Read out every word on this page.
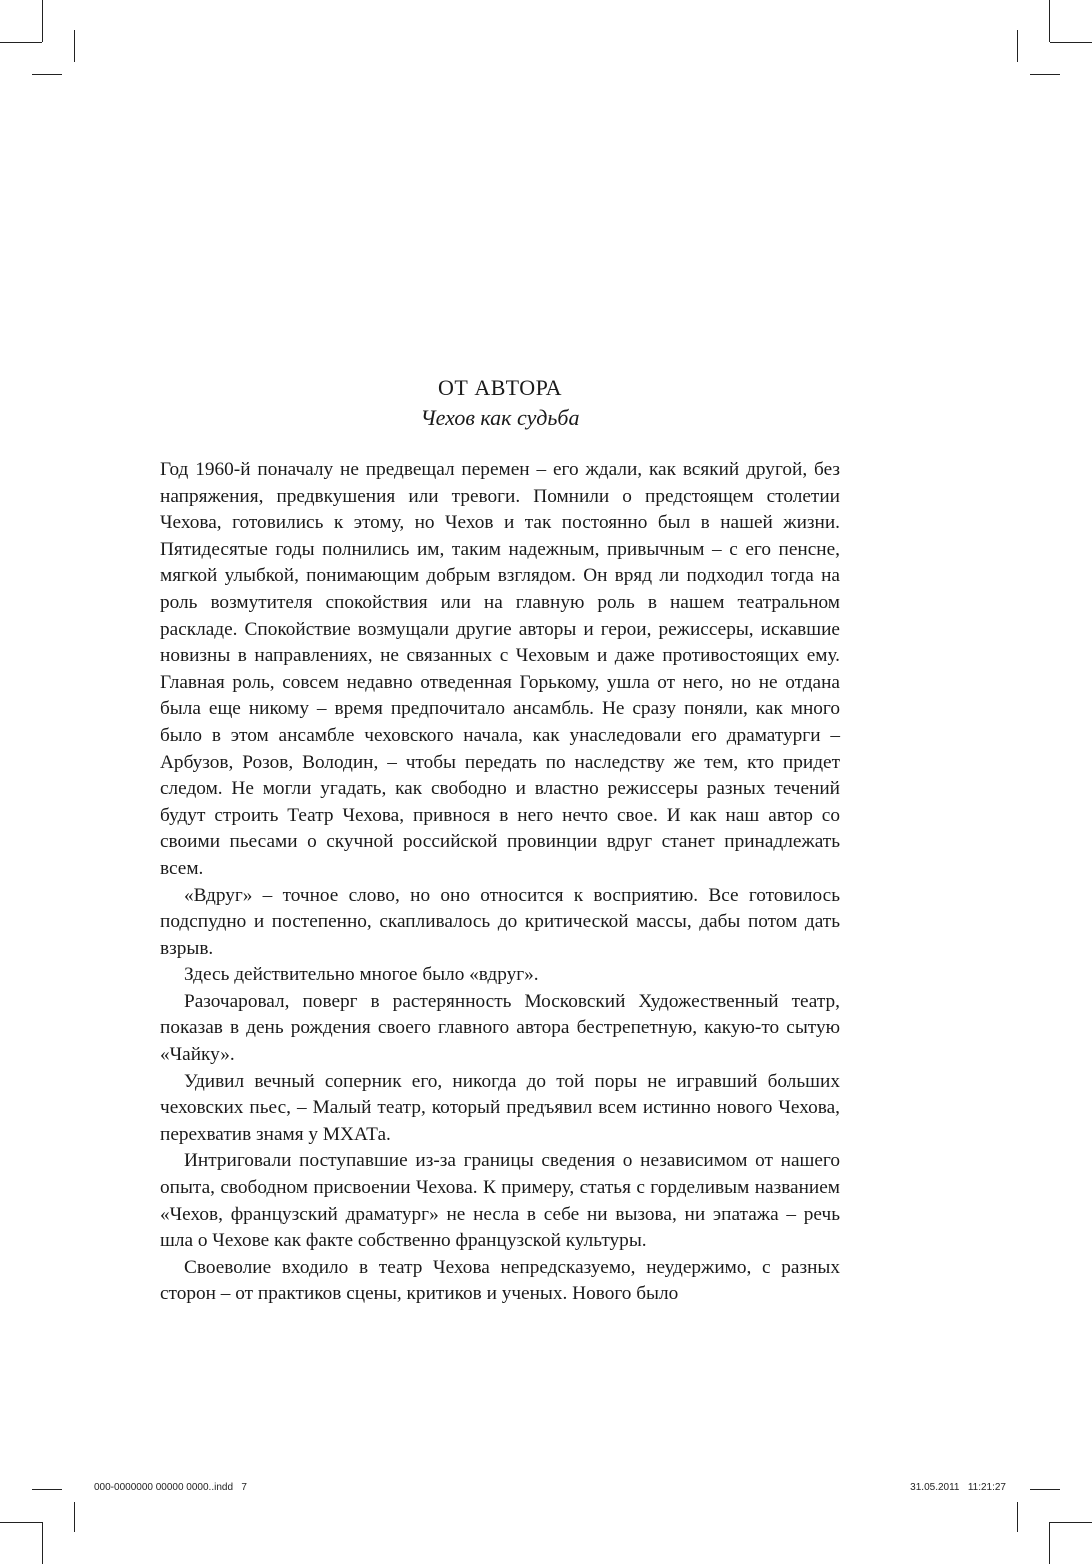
ОТ АВТОРА
Чехов как судьба

Год 1960-й поначалу не предвещал перемен – его ждали, как всякий другой, без напряжения, предвкушения или тревоги. Помнили о предстоящем столетии Чехова, готовились к этому, но Чехов и так постоянно был в нашей жизни. Пятидесятые годы полнились им, таким надежным, привычным – с его пенсне, мягкой улыбкой, понимающим добрым взглядом. Он вряд ли подходил тогда на роль возмутителя спокойствия или на главную роль в нашем театральном раскладе. Спокойствие возмущали другие авторы и герои, режиссеры, искавшие новизны в направлениях, не связанных с Чеховым и даже противостоящих ему. Главная роль, совсем недавно отведенная Горькому, ушла от него, но не отдана была еще никому – время предпочитало ансамбль. Не сразу поняли, как много было в этом ансамбле чеховского начала, как унаследовали его драматурги – Арбузов, Розов, Володин, – чтобы передать по наследству же тем, кто придет следом. Не могли угадать, как свободно и властно режиссеры разных течений будут строить Театр Чехова, привнося в него нечто свое. И как наш автор со своими пьесами о скучной российской провинции вдруг станет принадлежать всем.

«Вдруг» – точное слово, но оно относится к восприятию. Все готовилось подспудно и постепенно, скапливалось до критической массы, дабы потом дать взрыв.

Здесь действительно многое было «вдруг».

Разочаровал, поверг в растерянность Московский Художественный театр, показав в день рождения своего главного автора бестрепетную, какую-то сытую «Чайку».

Удивил вечный соперник его, никогда до той поры не игравший больших чеховских пьес, – Малый театр, который предъявил всем истинно нового Чехова, перехватив знамя у МХАТа.

Интриговали поступавшие из-за границы сведения о независимом от нашего опыта, свободном присвоении Чехова. К примеру, статья с горделивым названием «Чехов, французский драматург» не несла в себе ни вызова, ни эпатажа – речь шла о Чехове как факте собственно французской культуры.

Своеволие входило в театр Чехова непредсказуемо, неудержимо, с разных сторон – от практиков сцены, критиков и ученых. Нового было

000-0000000 00000 0000..indd   7	31.05.2011   11:21:27
